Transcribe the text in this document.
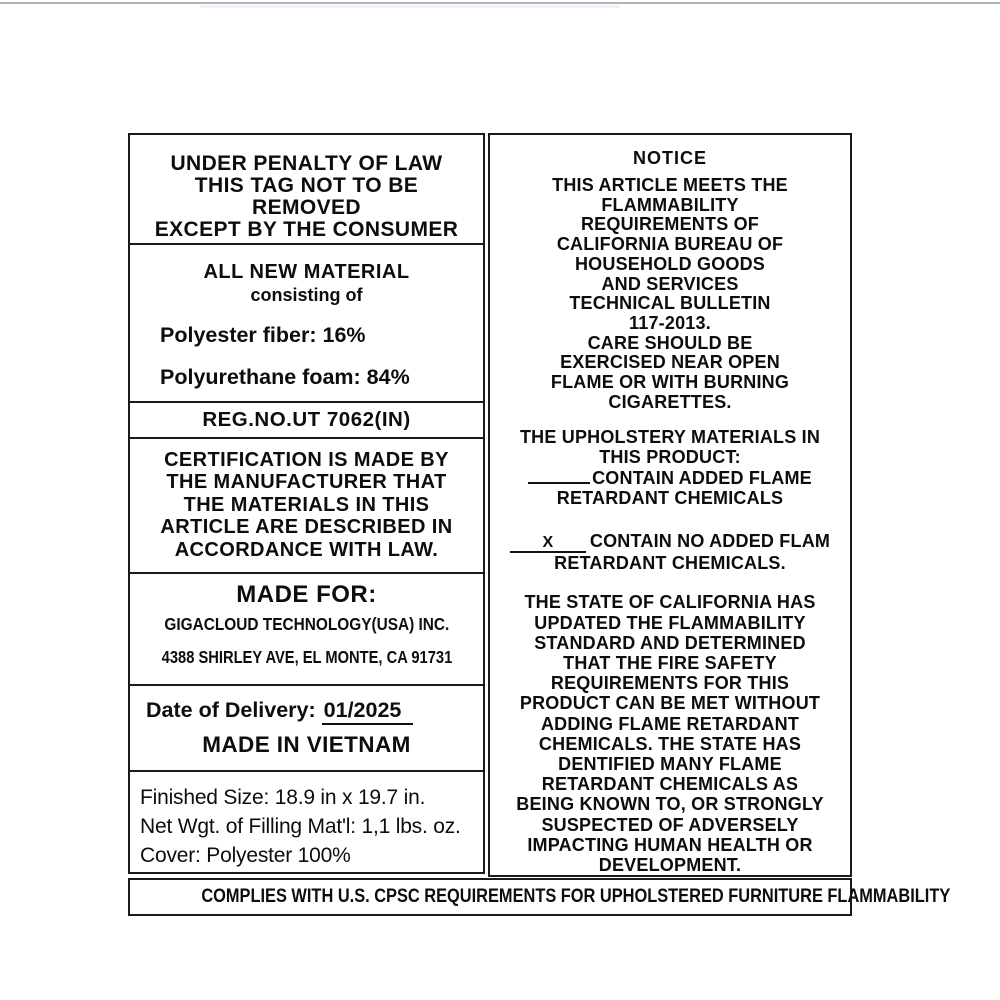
UNDER PENALTY OF LAW
THIS TAG NOT TO BE
REMOVED
EXCEPT BY THE CONSUMER
ALL NEW MATERIAL
consisting of
Polyester fiber: 16%
Polyurethane foam: 84%
REG.NO.UT 7062(IN)
CERTIFICATION IS MADE BY
THE MANUFACTURER THAT
THE MATERIALS IN THIS
ARTICLE ARE DESCRIBED IN
ACCORDANCE WITH LAW.
MADE FOR:
GIGACLOUD TECHNOLOGY(USA) INC.
4388 SHIRLEY AVE, EL MONTE, CA 91731
Date of Delivery: 01/2025
MADE IN VIETNAM
Finished Size: 18.9 in x 19.7 in.
Net Wgt. of Filling Mat'l: 1,1 lbs. oz.
Cover: Polyester 100%
NOTICE
THIS ARTICLE MEETS THE
FLAMMABILITY
REQUIREMENTS OF
CALIFORNIA BUREAU OF
HOUSEHOLD GOODS
AND SERVICES
TECHNICAL BULLETIN
117-2013.
CARE SHOULD BE
EXERCISED NEAR OPEN
FLAME OR WITH BURNING
CIGARETTES.
THE UPHOLSTERY MATERIALS IN
THIS PRODUCT:
CONTAIN ADDED FLAME
RETARDANT CHEMICALS
X CONTAIN NO ADDED FLAM
RETARDANT CHEMICALS.
THE STATE OF CALIFORNIA HAS
UPDATED THE FLAMMABILITY
STANDARD AND DETERMINED
THAT THE FIRE SAFETY
REQUIREMENTS FOR THIS
PRODUCT CAN BE MET WITHOUT
ADDING FLAME RETARDANT
CHEMICALS. THE STATE HAS
DENTIFIED MANY FLAME
RETARDANT CHEMICALS AS
BEING KNOWN TO, OR STRONGLY
SUSPECTED OF ADVERSELY
IMPACTING HUMAN HEALTH OR
DEVELOPMENT.
COMPLIES WITH U.S. CPSC REQUIREMENTS FOR UPHOLSTERED FURNITURE FLAMMABILITY
